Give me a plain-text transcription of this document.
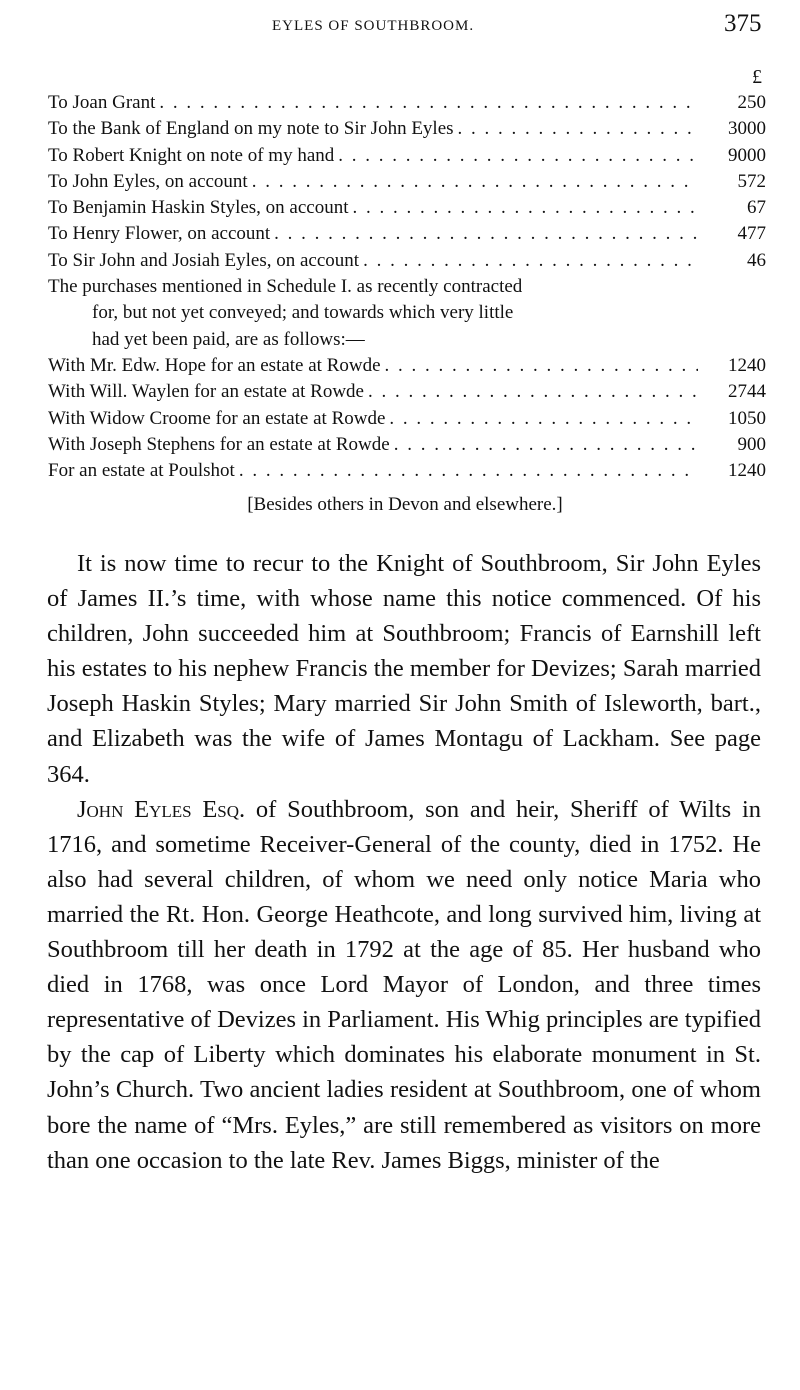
EYLES OF SOUTHBROOM.	375
£
To Joan Grant . . .	250
To the Bank of England on my note to Sir John Eyles . . .	3000
To Robert Knight on note of my hand . . .	9000
To John Eyles, on account . . .	572
To Benjamin Haskin Styles, on account . . .	67
To Henry Flower, on account . . .	477
To Sir John and Josiah Eyles, on account . . .	46
The purchases mentioned in Schedule I. as recently contracted
for, but not yet conveyed; and towards which very little
had yet been paid, are as follows:—
With Mr. Edw. Hope for an estate at Rowde . . .	1240
With Will. Waylen for an estate at Rowde . . .	2744
With Widow Croome for an estate at Rowde . . .	1050
With Joseph Stephens for an estate at Rowde . . .	900
For an estate at Poulshot . . .	1240
[Besides others in Devon and elsewhere.]

It is now time to recur to the Knight of Southbroom, Sir John Eyles of James II.’s time, with whose name this notice commenced. Of his children, John succeeded him at Southbroom; Francis of Earnshill left his estates to his nephew Francis the member for Devizes; Sarah married Joseph Haskin Styles; Mary married Sir John Smith of Isleworth, bart., and Elizabeth was the wife of James Montagu of Lackham. See page 364.

John Eyles Esq. of Southbroom, son and heir, Sheriff of Wilts in 1716, and sometime Receiver-General of the county, died in 1752. He also had several children, of whom we need only notice Maria who married the Rt. Hon. George Heathcote, and long survived him, living at Southbroom till her death in 1792 at the age of 85. Her husband who died in 1768, was once Lord Mayor of London, and three times representative of Devizes in Parliament. His Whig principles are typified by the cap of Liberty which dominates his elaborate monument in St. John’s Church. Two ancient ladies resident at Southbroom, one of whom bore the name of “Mrs. Eyles,” are still remembered as visitors on more than one occasion to the late Rev. James Biggs, minister of the
